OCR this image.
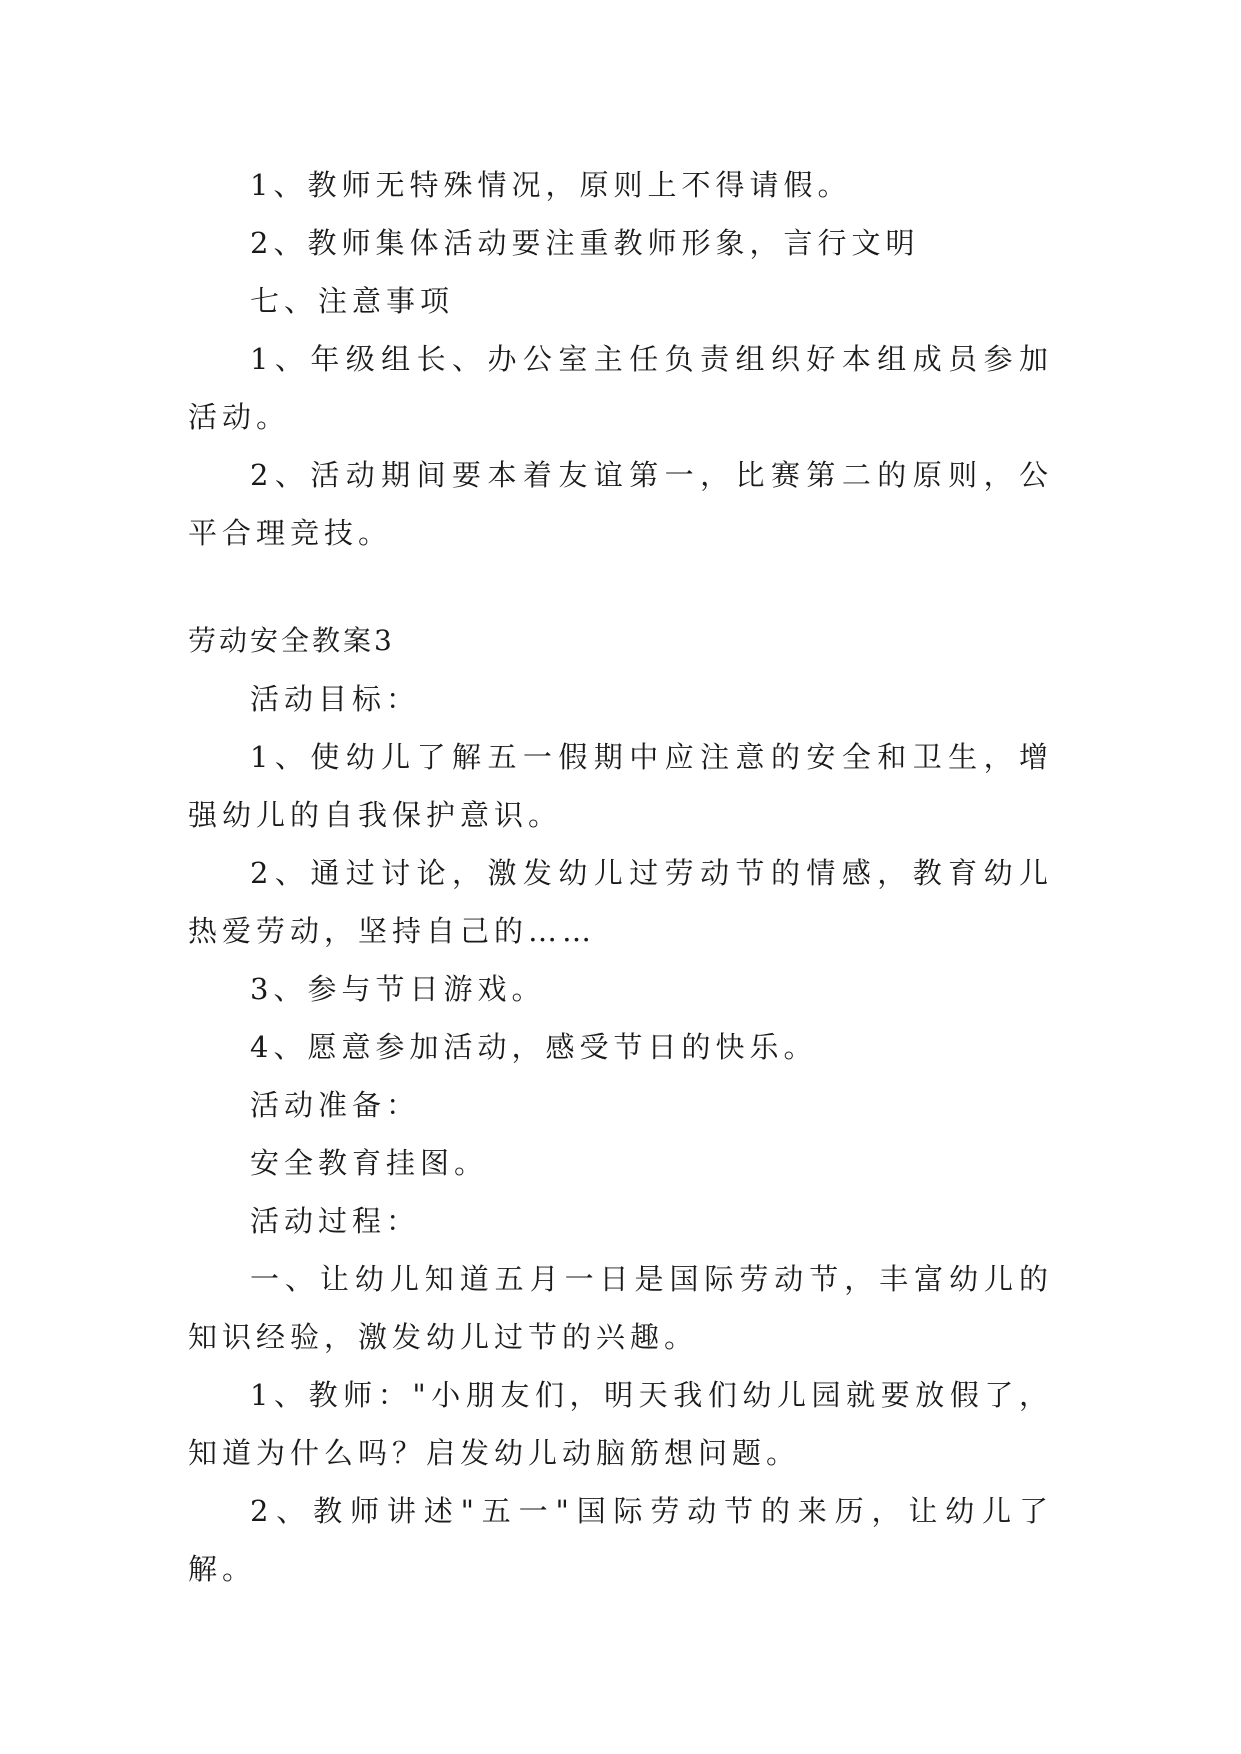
1、教师无特殊情况，原则上不得请假。

2、教师集体活动要注重教师形象，言行文明

七、注意事项

1、年级组长、办公室主任负责组织好本组成员参加活动。

2、活动期间要本着友谊第一，比赛第二的原则，公平合理竞技。

劳动安全教案3

活动目标：

1、使幼儿了解五一假期中应注意的安全和卫生，增强幼儿的自我保护意识。

2、通过讨论，激发幼儿过劳动节的情感，教育幼儿热爱劳动，坚持自己的……

3、参与节日游戏。

4、愿意参加活动，感受节日的快乐。

活动准备：

安全教育挂图。

活动过程：

一、让幼儿知道五月一日是国际劳动节，丰富幼儿的知识经验，激发幼儿过节的兴趣。

1、教师："小朋友们，明天我们幼儿园就要放假了，知道为什么吗？启发幼儿动脑筋想问题。

2、教师讲述"五一"国际劳动节的来历，让幼儿了解。
